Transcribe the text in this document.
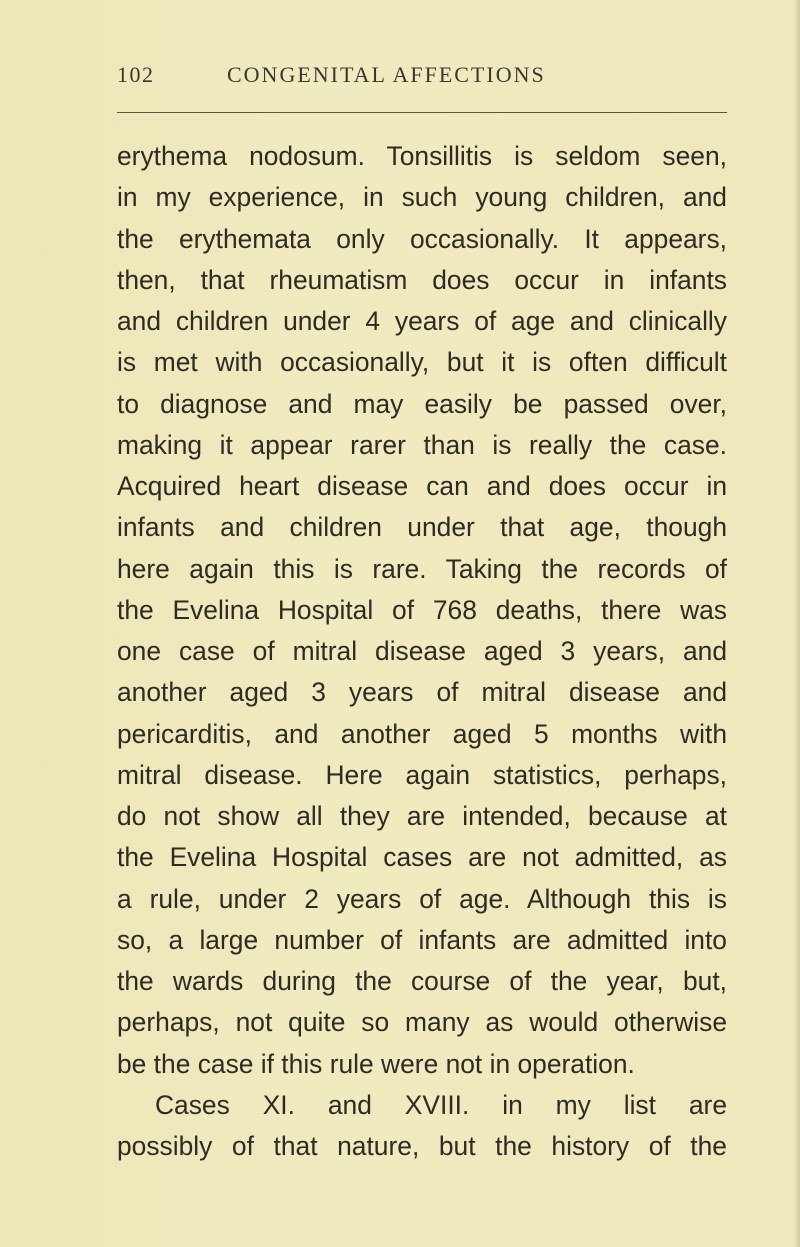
102	CONGENITAL AFFECTIONS
erythema nodosum. Tonsillitis is seldom seen,
in my experience, in such young children, and
the erythemata only occasionally. It appears,
then, that rheumatism does occur in infants
and children under 4 years of age and clinically
is met with occasionally, but it is often difficult
to diagnose and may easily be passed over,
making it appear rarer than is really the case.
Acquired heart disease can and does occur in
infants and children under that age, though
here again this is rare. Taking the records of
the Evelina Hospital of 768 deaths, there was
one case of mitral disease aged 3 years, and
another aged 3 years of mitral disease and
pericarditis, and another aged 5 months with
mitral disease. Here again statistics, perhaps,
do not show all they are intended, because at
the Evelina Hospital cases are not admitted, as
a rule, under 2 years of age. Although this is
so, a large number of infants are admitted into
the wards during the course of the year, but,
perhaps, not quite so many as would otherwise
be the case if this rule were not in operation.
Cases XI. and XVIII. in my list are
possibly of that nature, but the history of the
